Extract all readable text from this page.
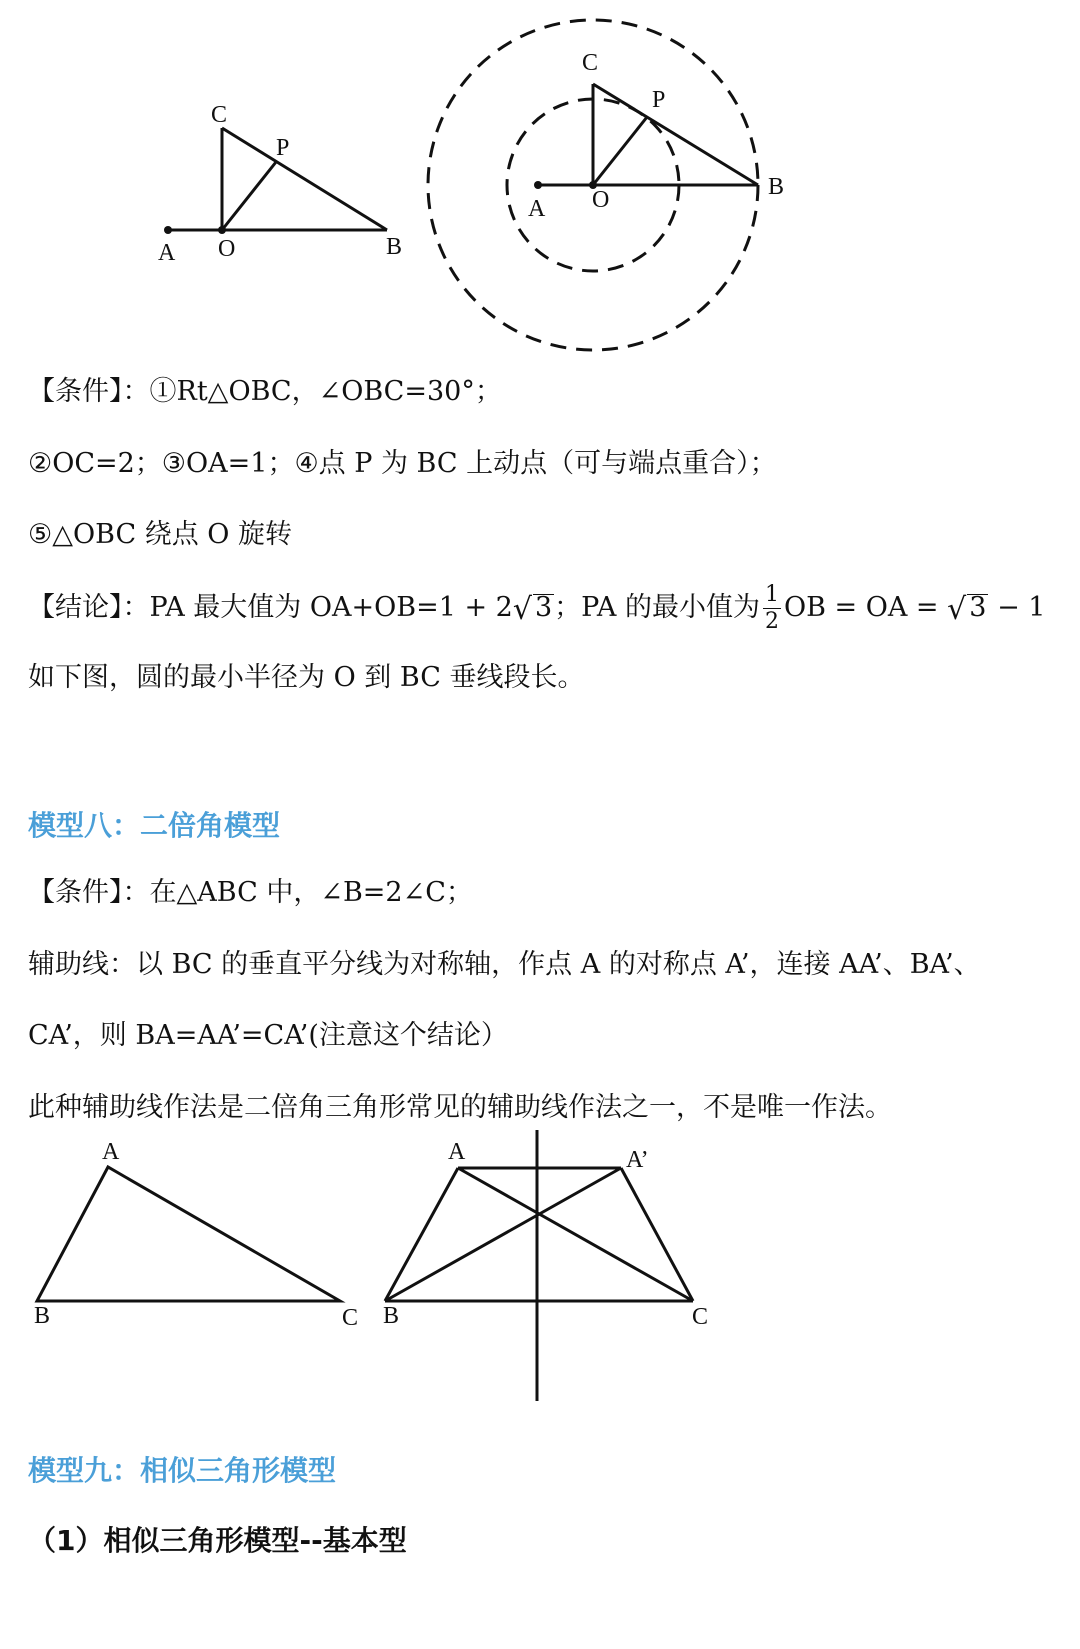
A O	B
C
P
A O	B
C
P
【条件】：①Rt△OBC，∠OBC=30°；
②OC=2；③OA=1；④点 P 为 BC 上动点（可与端点重合）；
⑤△OBC 绕点 O 旋转
【结论】：PA 最大值为 OA+OB=1 + 2√ 3；PA 的最小值为 $\frac{1}{2}$ OB = OA = √ 3 − 1
如下图，圆的最小半径为 O 到 BC 垂线段长。
模型八：二倍角模型
【条件】：在△ABC 中，∠B=2∠C；
辅助线：以 BC 的垂直平分线为对称轴，作点 A 的对称点 A’，连接 AA’、BA’、
CA’，则 BA=AA’=CA’(注意这个结论）
此种辅助线作法是二倍角三角形常见的辅助线作法之一，不是唯一作法。
A
B	C
A	A’
B	C
模型九：相似三角形模型
（1）相似三角形模型--基本型
